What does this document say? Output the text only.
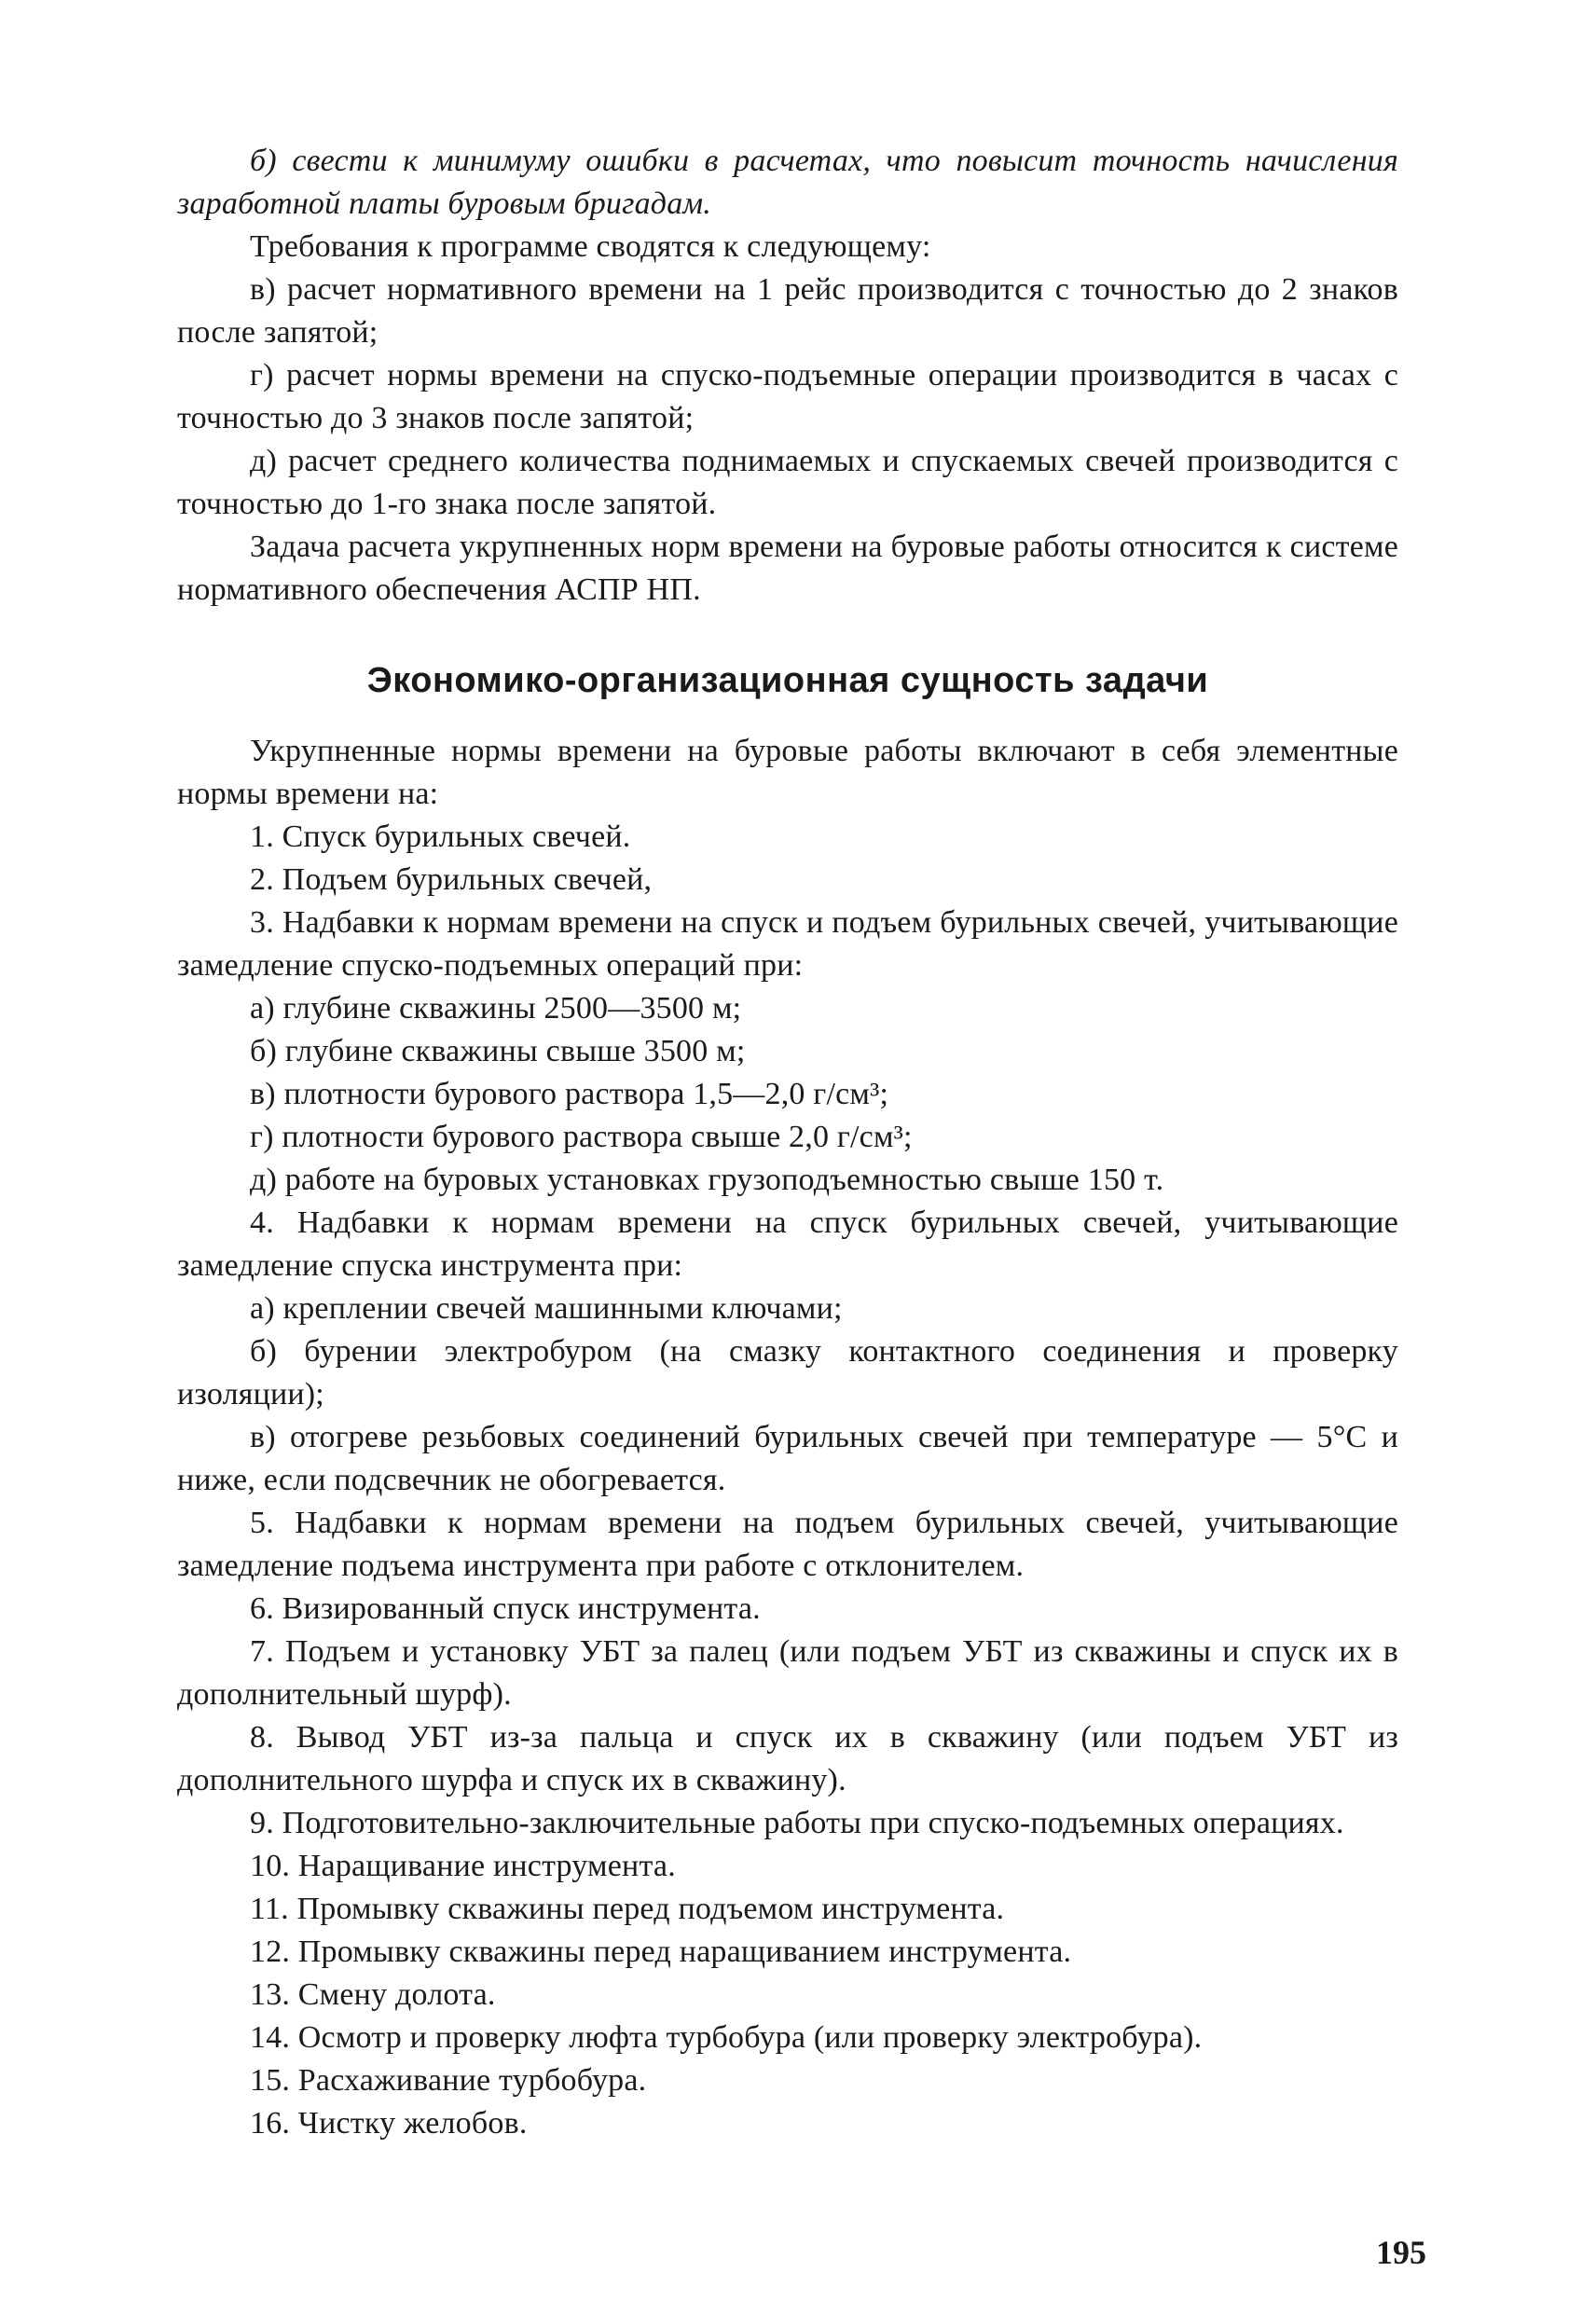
б) свести к минимуму ошибки в расчетах, что повысит точность начисления заработной платы буровым бригадам.

Требования к программе сводятся к следующему:

в) расчет нормативного времени на 1 рейс производится с точностью до 2 знаков после запятой;

г) расчет нормы времени на спуско-подъемные операции производится в часах с точностью до 3 знаков после запятой;

д) расчет среднего количества поднимаемых и спускаемых свечей производится с точностью до 1-го знака после запятой.

Задача расчета укрупненных норм времени на буровые работы относится к системе нормативного обеспечения АСПР НП.

Экономико-организационная сущность задачи

Укрупненные нормы времени на буровые работы включают в себя элементные нормы времени на:

1. Спуск бурильных свечей.

2. Подъем бурильных свечей,

3. Надбавки к нормам времени на спуск и подъем бурильных свечей, учитывающие замедление спуско-подъемных операций при:

а) глубине скважины 2500—3500 м;

б) глубине скважины свыше 3500 м;

в) плотности бурового раствора 1,5—2,0 г/см³;

г) плотности бурового раствора свыше 2,0 г/см³;

д) работе на буровых установках грузоподъемностью свыше 150 т.

4. Надбавки к нормам времени на спуск бурильных свечей, учитывающие замедление спуска инструмента при:

а) креплении свечей машинными ключами;

б) бурении электробуром (на смазку контактного соединения и проверку изоляции);

в) отогреве резьбовых соединений бурильных свечей при температуре — 5°С и ниже, если подсвечник не обогревается.

5. Надбавки к нормам времени на подъем бурильных свечей, учитывающие замедление подъема инструмента при работе с отклонителем.

6. Визированный спуск инструмента.

7. Подъем и установку УБТ за палец (или подъем УБТ из скважины и спуск их в дополнительный шурф).

8. Вывод УБТ из-за пальца и спуск их в скважину (или подъем УБТ из дополнительного шурфа и спуск их в скважину).

9. Подготовительно-заключительные работы при спуско-подъемных операциях.

10. Наращивание инструмента.

11. Промывку скважины перед подъемом инструмента.

12. Промывку скважины перед наращиванием инструмента.

13. Смену долота.

14. Осмотр и проверку люфта турбобура (или проверку электробура).

15. Расхаживание турбобура.

16. Чистку желобов.

195
